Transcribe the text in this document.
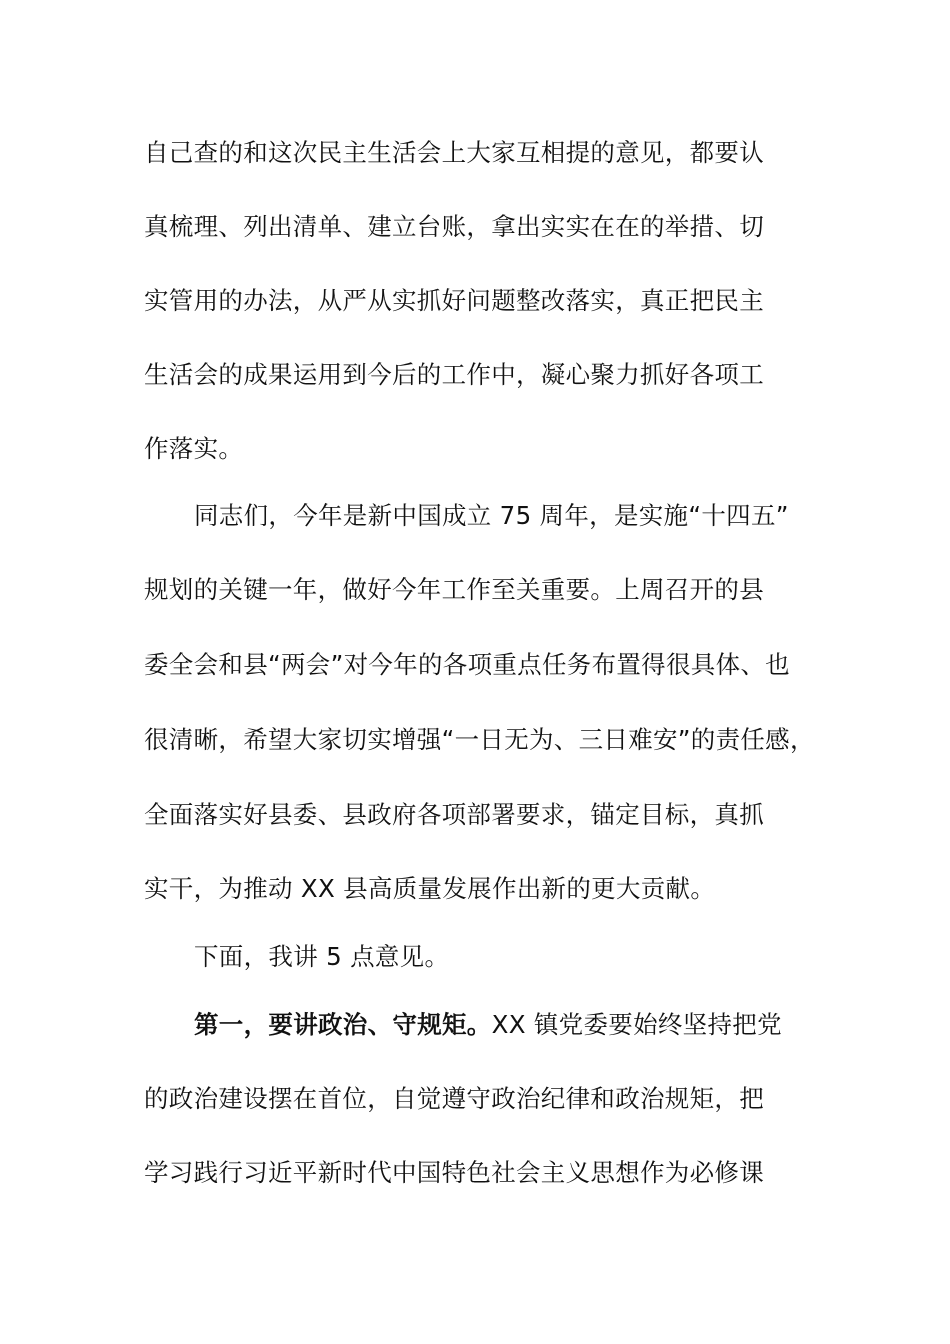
自己查的和这次民主生活会上大家互相提的意见，都要认
真梳理、列出清单、建立台账，拿出实实在在的举措、切
实管用的办法，从严从实抓好问题整改落实，真正把民主
生活会的成果运用到今后的工作中，凝心聚力抓好各项工
作落实。
同志们，今年是新中国成立 75 周年，是实施“十四五”
规划的关键一年，做好今年工作至关重要。上周召开的县
委全会和县“两会”对今年的各项重点任务布置得很具体、也
很清晰，希望大家切实增强“一日无为、三日难安”的责任感，
全面落实好县委、县政府各项部署要求，锚定目标，真抓
实干，为推动 XX 县高质量发展作出新的更大贡献。
下面，我讲 5 点意见。
第一，要讲政治、守规矩。XX 镇党委要始终坚持把党
的政治建设摆在首位，自觉遵守政治纪律和政治规矩，把
学习践行习近平新时代中国特色社会主义思想作为必修课
